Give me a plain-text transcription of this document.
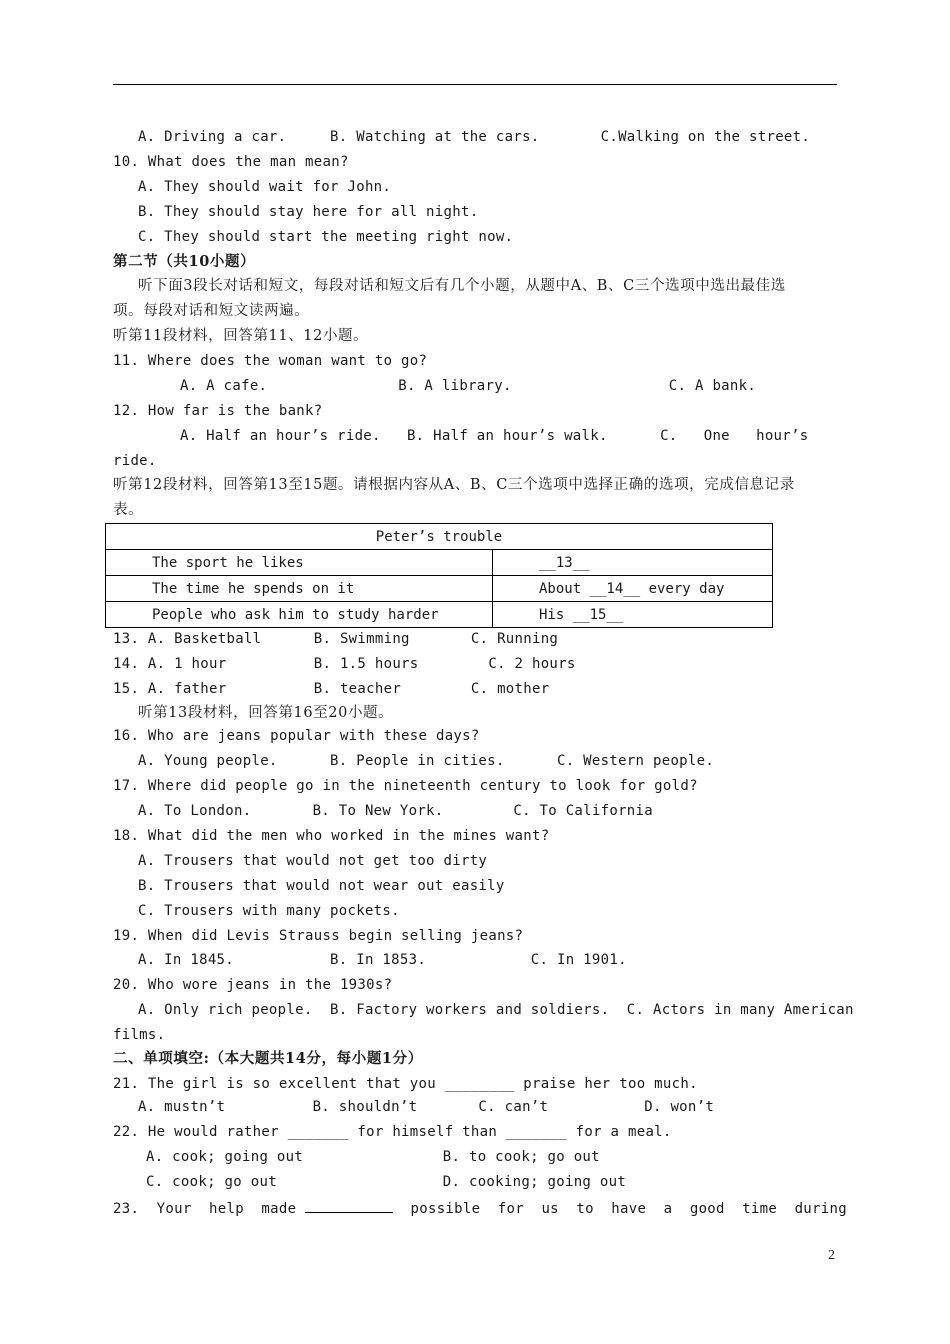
A. Driving a car.     B. Watching at the cars.       C.Walking on the street.
10. What does the man mean?
A. They should wait for John.
B. They should stay here for all night.
C. They should start the meeting right now.
第二节（共10小题）
听下面3段长对话和短文，每段对话和短文后有几个小题，从题中A、B、C三个选项中选出最佳选
项。每段对话和短文读两遍。
听第11段材料，回答第11、12小题。
11. Where does the woman want to go?
A. A cafe.               B. A library.                  C. A bank.
12. How far is the bank?
A. Half an hour’s ride.   B. Half an hour’s walk.      C.   One   hour’s
ride.
听第12段材料，回答第13至15题。请根据内容从A、B、C三个选项中选择正确的选项，完成信息记录
表。
Peter’s trouble	
The sport he likes	__13__
The time he spends on it	About __14__ every day
People who ask him to study harder	His __15__
13. A. Basketball      B. Swimming       C. Running
14. A. 1 hour          B. 1.5 hours        C. 2 hours
15. A. father          B. teacher        C. mother
听第13段材料，回答第16至20小题。
16. Who are jeans popular with these days?
A. Young people.      B. People in cities.      C. Western people.
17. Where did people go in the nineteenth century to look for gold?
A. To London.       B. To New York.        C. To California
18. What did the men who worked in the mines want?
A. Trousers that would not get too dirty
B. Trousers that would not wear out easily
C. Trousers with many pockets.
19. When did Levis Strauss begin selling jeans?
A. In 1845.           B. In 1853.            C. In 1901.
20. Who wore jeans in the 1930s?
A. Only rich people.  B. Factory workers and soldiers.  C. Actors in many American
films.
二、单项填空:（本大题共14分，每小题1分）
21. The girl is so excellent that you ________ praise her too much.
A. mustn’t          B. shouldn’t       C. can’t           D. won’t
22. He would rather _______ for himself than _______ for a meal.
A. cook; going out                B. to cook; go out
C. cook; go out                   D. cooking; going out
23.  Your  help  made	possible  for  us  to  have  a  good  time  during
2
